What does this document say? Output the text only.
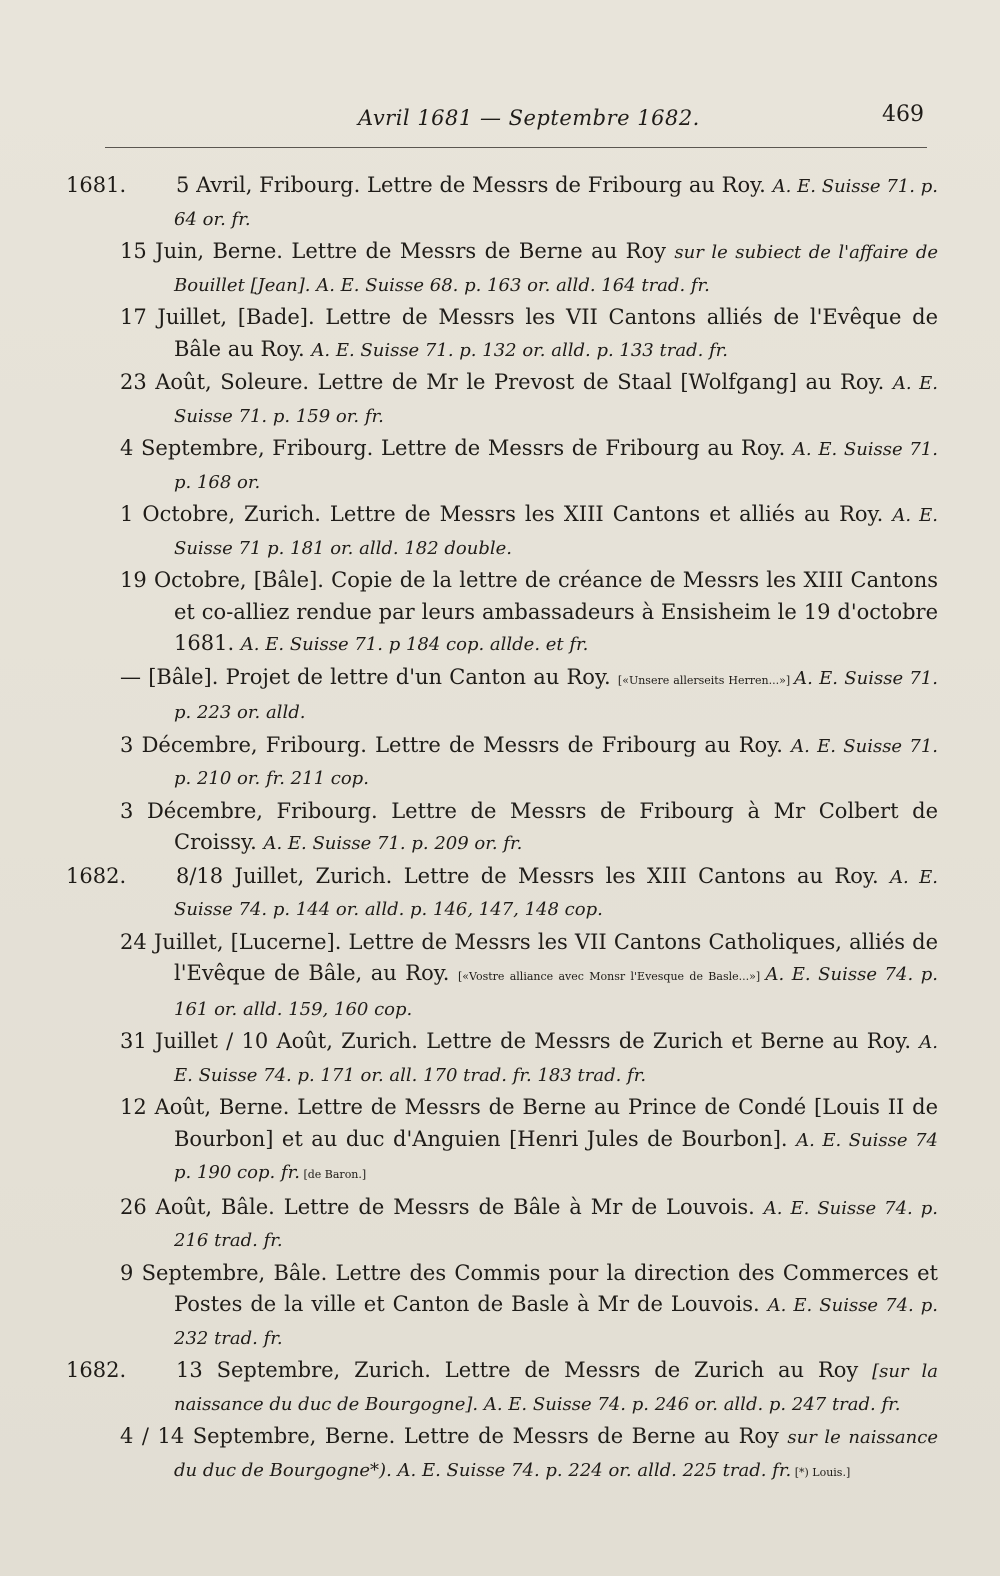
Avril 1681 — Septembre 1682.	469

1681. 5 Avril, Fribourg. Lettre de Messrs de Fribourg au Roy. A. E. Suisse 71. p. 64 or. fr.

15 Juin, Berne. Lettre de Messrs de Berne au Roy sur le subiect de l'affaire de Bouillet [Jean]. A. E. Suisse 68. p. 163 or. alld. 164 trad. fr.

17 Juillet, [Bade]. Lettre de Messrs les VII Cantons alliés de l'Evêque de Bâle au Roy. A. E. Suisse 71. p. 132 or. alld. p. 133 trad. fr.

23 Août, Soleure. Lettre de Mr le Prevost de Staal [Wolfgang] au Roy. A. E. Suisse 71. p. 159 or. fr.

4 Septembre, Fribourg. Lettre de Messrs de Fribourg au Roy. A. E. Suisse 71. p. 168 or.

1 Octobre, Zurich. Lettre de Messrs les XIII Cantons et alliés au Roy. A. E. Suisse 71 p. 181 or. alld. 182 double.

19 Octobre, [Bâle]. Copie de la lettre de créance de Messrs les XIII Cantons et co-alliez rendue par leurs ambassadeurs à Ensisheim le 19 d'octobre 1681. A. E. Suisse 71. p 184 cop. allde. et fr.

— [Bâle]. Projet de lettre d'un Canton au Roy. [«Unsere allerseits Herren...»] A. E. Suisse 71. p. 223 or. alld.

3 Décembre, Fribourg. Lettre de Messrs de Fribourg au Roy. A. E. Suisse 71. p. 210 or. fr. 211 cop.

3 Décembre, Fribourg. Lettre de Messrs de Fribourg à Mr Colbert de Croissy. A. E. Suisse 71. p. 209 or. fr.

1682. 8/18 Juillet, Zurich. Lettre de Messrs les XIII Cantons au Roy. A. E. Suisse 74. p. 144 or. alld. p. 146, 147, 148 cop.

24 Juillet, [Lucerne]. Lettre de Messrs les VII Cantons Catholiques, alliés de l'Evêque de Bâle, au Roy. [«Vostre alliance avec Monsr l'Evesque de Basle...»] A. E. Suisse 74. p. 161 or. alld. 159, 160 cop.

31 Juillet / 10 Août, Zurich. Lettre de Messrs de Zurich et Berne au Roy. A. E. Suisse 74. p. 171 or. all. 170 trad. fr. 183 trad. fr.

12 Août, Berne. Lettre de Messrs de Berne au Prince de Condé [Louis II de Bourbon] et au duc d'Anguien [Henri Jules de Bourbon]. A. E. Suisse 74 p. 190 cop. fr. [de Baron.]

26 Août, Bâle. Lettre de Messrs de Bâle à Mr de Louvois. A. E. Suisse 74. p. 216 trad. fr.

9 Septembre, Bâle. Lettre des Commis pour la direction des Commerces et Postes de la ville et Canton de Basle à Mr de Louvois. A. E. Suisse 74. p. 232 trad. fr.

1682. 13 Septembre, Zurich. Lettre de Messrs de Zurich au Roy [sur la naissance du duc de Bourgogne]. A. E. Suisse 74. p. 246 or. alld. p. 247 trad. fr.

4 / 14 Septembre, Berne. Lettre de Messrs de Berne au Roy sur le naissance du duc de Bourgogne*). A. E. Suisse 74. p. 224 or. alld. 225 trad. fr. [*) Louis.]
